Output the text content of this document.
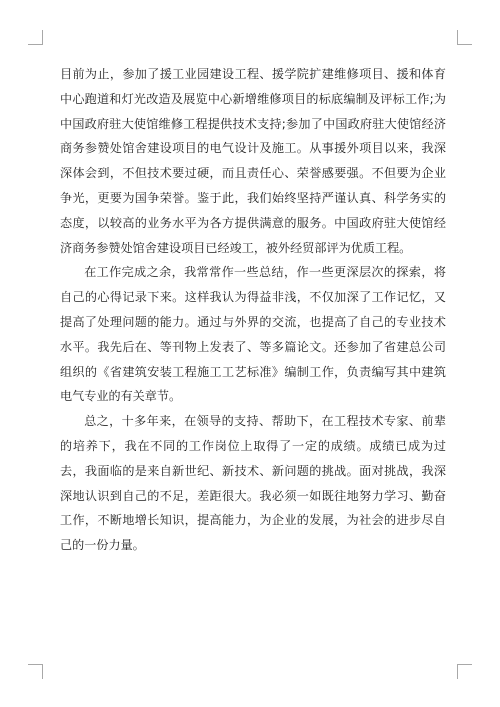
目前为止，参加了援工业园建设工程、援学院扩建维修项目、援和体育中心跑道和灯光改造及展览中心新增维修项目的标底编制及评标工作;为中国政府驻大使馆维修工程提供技术支持;参加了中国政府驻大使馆经济商务参赞处馆舍建设项目的电气设计及施工。从事援外项目以来，我深深体会到，不但技术要过硬，而且责任心、荣誉感要强。不但要为企业争光，更要为国争荣誉。鉴于此，我们始终坚持严谨认真、科学务实的态度，以较高的业务水平为各方提供满意的服务。中国政府驻大使馆经济商务参赞处馆舍建设项目已经竣工，被外经贸部评为优质工程。

在工作完成之余，我常常作一些总结，作一些更深层次的探索，将自己的心得记录下来。这样我认为得益非浅，不仅加深了工作记忆，又提高了处理问题的能力。通过与外界的交流，也提高了自己的专业技术水平。我先后在、等刊物上发表了、等多篇论文。还参加了省建总公司组织的《省建筑安装工程施工工艺标准》编制工作，负责编写其中建筑电气专业的有关章节。

总之，十多年来，在领导的支持、帮助下，在工程技术专家、前辈的培养下，我在不同的工作岗位上取得了一定的成绩。成绩已成为过去，我面临的是来自新世纪、新技术、新问题的挑战。面对挑战，我深深地认识到自己的不足，差距很大。我必须一如既往地努力学习、勤奋工作，不断地增长知识，提高能力，为企业的发展，为社会的进步尽自己的一份力量。
